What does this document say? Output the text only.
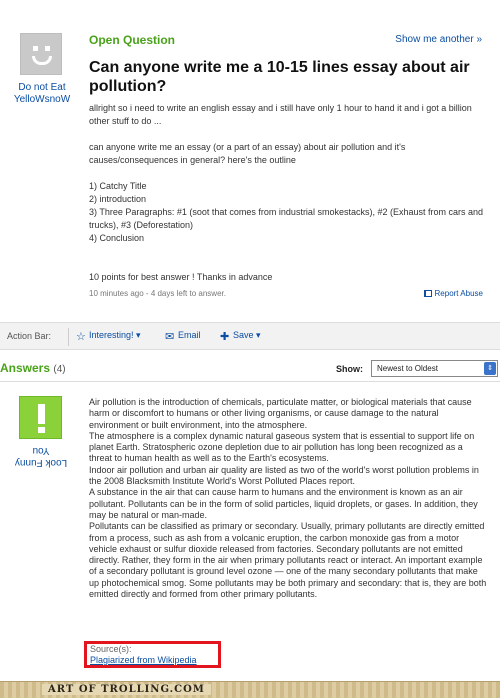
Do not Eat YelloWsnoW
Open Question	Show me another »
Can anyone write me a 10-15 lines essay about air pollution?

allright so i need to write an english essay and i still have only 1 hour to hand it and i got a billion other stuff to do ...

can anyone write me an essay (or a part of an essay) about air pollution and it's causes/consequences in general? here's the outline

1) Catchy Title

2) introduction

3) Three Paragraphs: #1 (soot that comes from industrial smokestacks), #2 (Exhaust from cars and trucks), #3 (Deforestation)

4) Conclusion

10 points for best answer ! Thanks in advance

10 minutes ago - 4 days left to answer.	Report Abuse
Action Bar: ☆ Interesting! ▾ ✉ Email ✚ Save ▾
Answers (4)	Show:	Newest to Oldest	⇕
Look Funny You

Air pollution is the introduction of chemicals, particulate matter, or biological materials that cause harm or discomfort to humans or other living organisms, or cause damage to the natural environment or built environment, into the atmosphere.

The atmosphere is a complex dynamic natural gaseous system that is essential to support life on planet Earth. Stratospheric ozone depletion due to air pollution has long been recognized as a threat to human health as well as to the Earth's ecosystems.

Indoor air pollution and urban air quality are listed as two of the world's worst pollution problems in the 2008 Blacksmith Institute World's Worst Polluted Places report.

A substance in the air that can cause harm to humans and the environment is known as an air pollutant. Pollutants can be in the form of solid particles, liquid droplets, or gases. In addition, they may be natural or man-made.

Pollutants can be classified as primary or secondary. Usually, primary pollutants are directly emitted from a process, such as ash from a volcanic eruption, the carbon monoxide gas from a motor vehicle exhaust or sulfur dioxide released from factories. Secondary pollutants are not emitted directly. Rather, they form in the air when primary pollutants react or interact. An important example of a secondary pollutant is ground level ozone — one of the many secondary pollutants that make up photochemical smog. Some pollutants may be both primary and secondary: that is, they are both emitted directly and formed from other primary pollutants.

Source(s):
Plagiarized from Wikipedia
ART OF TROLLING.COM
